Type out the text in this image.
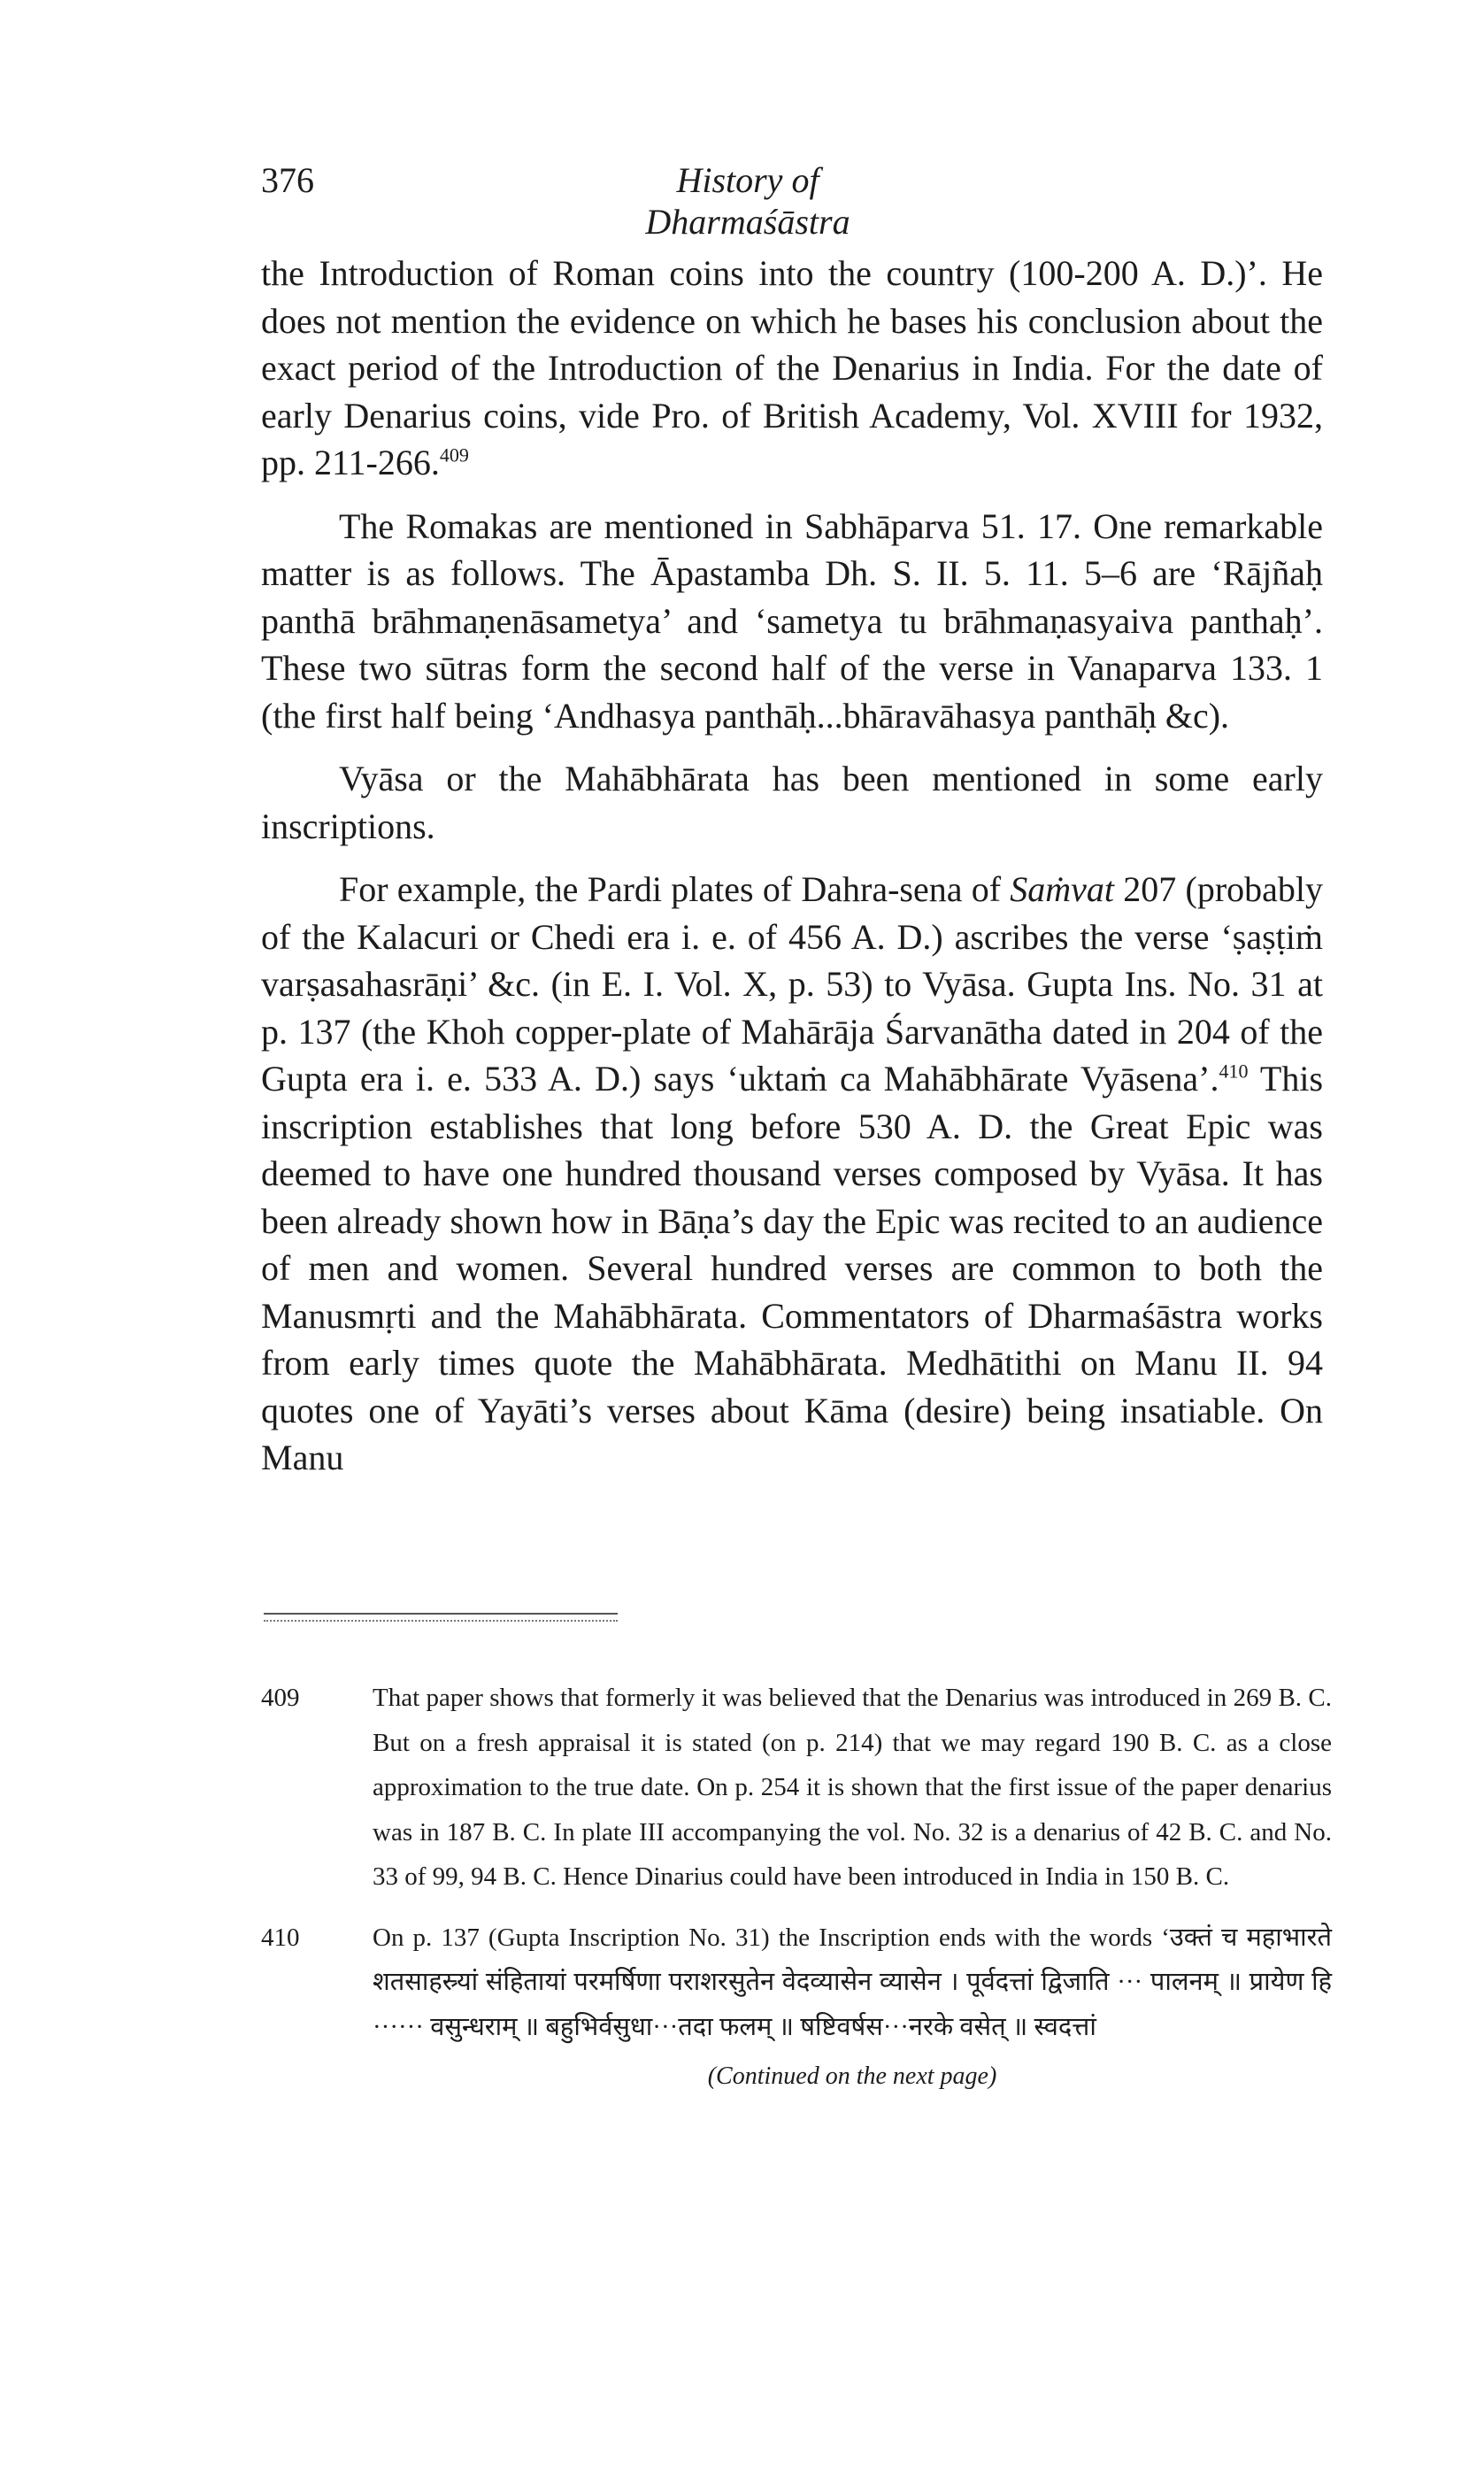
376	History of Dharmaśāstra

the Introduction of Roman coins into the country (100-200 A. D.)’. He does not mention the evidence on which he bases his conclusion about the exact period of the Introduction of the Denarius in India. For the date of early Denarius coins, vide Pro. of British Academy, Vol. XVIII for 1932, pp. 211-266.$^{409}$

The Romakas are mentioned in Sabhāparva 51. 17. One remarkable matter is as follows. The Āpastamba Dh. S. II. 5. 11. 5–6 are ‘Rājñaḥ panthā brāhmaṇenāsametya’ and ‘sametya tu brāhmaṇasyaiva panthaḥ’. These two sūtras form the second half of the verse in Vanaparva 133. 1 (the first half being ‘Andhasya panthāḥ...bhāravāhasya panthāḥ &c).

Vyāsa or the Mahābhārata has been mentioned in some early inscriptions.

For example, the Pardi plates of Dahra-sena of Saṁvat 207 (probably of the Kalacuri or Chedi era i. e. of 456 A. D.) ascribes the verse ‘ṣaṣṭiṁ varṣasahasrāṇi’ &c. (in E. I. Vol. X, p. 53) to Vyāsa. Gupta Ins. No. 31 at p. 137 (the Khoh copper-plate of Mahārāja Śarvanātha dated in 204 of the Gupta era i. e. 533 A. D.) says ‘uktaṁ ca Mahābhārate Vyāsena’.$^{410}$ This inscription establishes that long before 530 A. D. the Great Epic was deemed to have one hundred thousand verses composed by Vyāsa. It has been already shown how in Bāṇa’s day the Epic was recited to an audience of men and women. Several hundred verses are common to both the Manusmṛti and the Mahābhārata. Commentators of Dharmaśāstra works from early times quote the Mahābhārata. Medhātithi on Manu II. 94 quotes one of Yayāti’s verses about Kāma (desire) being insatiable. On Manu

409	That paper shows that formerly it was believed that the Denarius was introduced in 269 B. C. But on a fresh appraisal it is stated (on p. 214) that we may regard 190 B. C. as a close approximation to the true date. On p. 254 it is shown that the first issue of the paper denarius was in 187 B. C. In plate III accompanying the vol. No. 32 is a denarius of 42 B. C. and No. 33 of 99, 94 B. C. Hence Dinarius could have been introduced in India in 150 B. C.
410	On p. 137 (Gupta Inscription No. 31) the Inscription ends with the words ‘उक्तं च महाभारते शतसाहस्र्यां संहितायां परमर्षिणा पराशरसुतेन वेदव्यासेन व्यासेन । पूर्वदत्तां द्विजाति ··· पालनम् ॥ प्रायेण हि ······ वसुन्धराम् ॥ बहुभिर्वसुधा···तदा फलम् ॥ षष्टिवर्षस···नरके वसेत् ॥ स्वदत्तां
(Continued on the next page)
